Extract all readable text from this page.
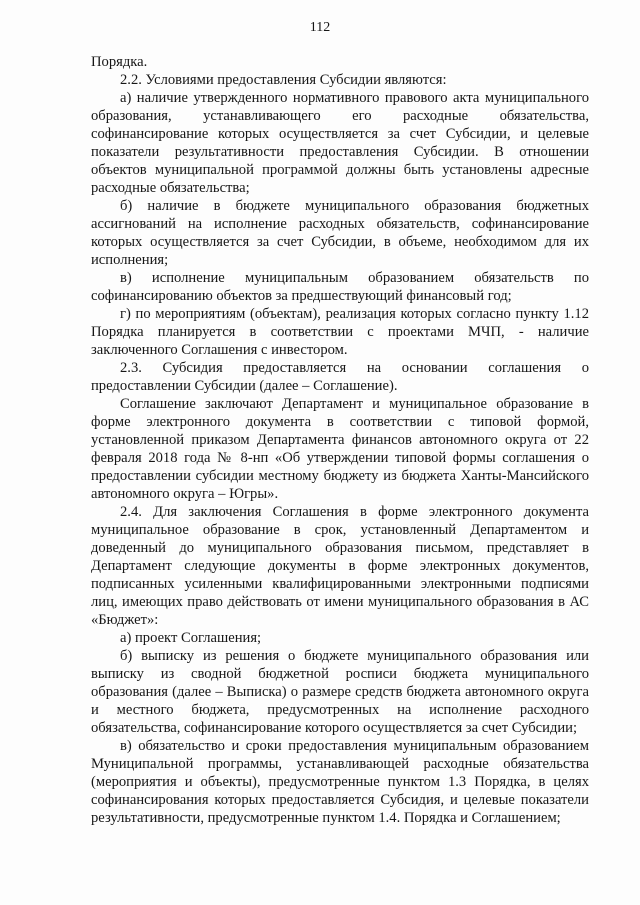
112

Порядка.

2.2. Условиями предоставления Субсидии являются:

а) наличие утвержденного нормативного правового акта муниципального образования, устанавливающего его расходные обязательства, софинансирование которых осуществляется за счет Субсидии, и целевые показатели результативности предоставления Субсидии. В отношении объектов муниципальной программой должны быть установлены адресные расходные обязательства;

б) наличие в бюджете муниципального образования бюджетных ассигнований на исполнение расходных обязательств, софинансирование которых осуществляется за счет Субсидии, в объеме, необходимом для их исполнения;

в) исполнение муниципальным образованием обязательств по софинансированию объектов за предшествующий финансовый год;

г) по мероприятиям (объектам), реализация которых согласно пункту 1.12 Порядка планируется в соответствии с проектами МЧП, - наличие заключенного Соглашения с инвестором.

2.3. Субсидия предоставляется на основании соглашения о предоставлении Субсидии (далее – Соглашение).

Соглашение заключают Департамент и муниципальное образование в форме электронного документа в соответствии с типовой формой, установленной приказом Департамента финансов автономного округа от 22 февраля 2018 года № 8-нп «Об утверждении типовой формы соглашения о предоставлении субсидии местному бюджету из бюджета Ханты-Мансийского автономного округа – Югры».

2.4. Для заключения Соглашения в форме электронного документа муниципальное образование в срок, установленный Департаментом и доведенный до муниципального образования письмом, представляет в Департамент следующие документы в форме электронных документов, подписанных усиленными квалифицированными электронными подписями лиц, имеющих право действовать от имени муниципального образования в АС «Бюджет»:

а) проект Соглашения;

б) выписку из решения о бюджете муниципального образования или выписку из сводной бюджетной росписи бюджета муниципального образования (далее – Выписка) о размере средств бюджета автономного округа и местного бюджета, предусмотренных на исполнение расходного обязательства, софинансирование которого осуществляется за счет Субсидии;

в) обязательство и сроки предоставления муниципальным образованием Муниципальной программы, устанавливающей расходные обязательства (мероприятия и объекты), предусмотренные пунктом 1.3 Порядка, в целях софинансирования которых предоставляется Субсидия, и целевые показатели результативности, предусмотренные пунктом 1.4. Порядка и Соглашением;
